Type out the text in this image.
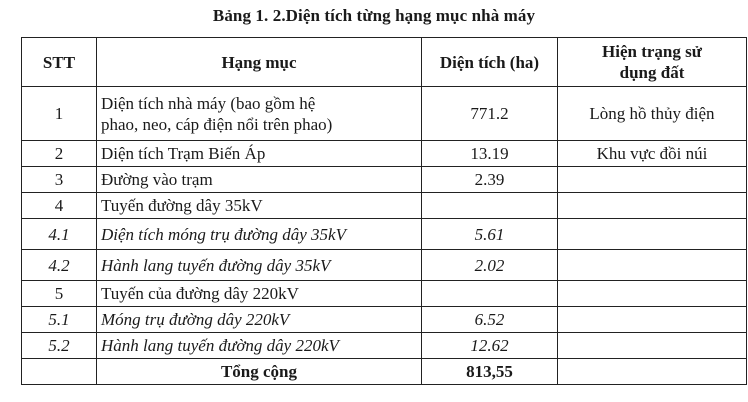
Bảng 1. 2.Diện tích từng hạng mục nhà máy
STT	Hạng mục	Diện tích (ha)	Hiện trạng sử
dụng đất

1	Diện tích nhà máy (bao gồm hệ
phao, neo, cáp điện nổi trên phao)	771.2	Lòng hồ thủy điện
2	Diện tích Trạm Biến Áp	13.19	Khu vực đồi núi
3	Đường vào trạm	2.39	
4	Tuyến đường dây 35kV		
4.1	Diện tích móng trụ đường dây 35kV	5.61	
4.2	Hành lang tuyến đường dây 35kV	2.02	
5	Tuyến của đường dây 220kV		
5.1	Móng trụ đường dây 220kV	6.52	
5.2	Hành lang tuyến đường dây 220kV	12.62	
	Tổng cộng	813,55	
